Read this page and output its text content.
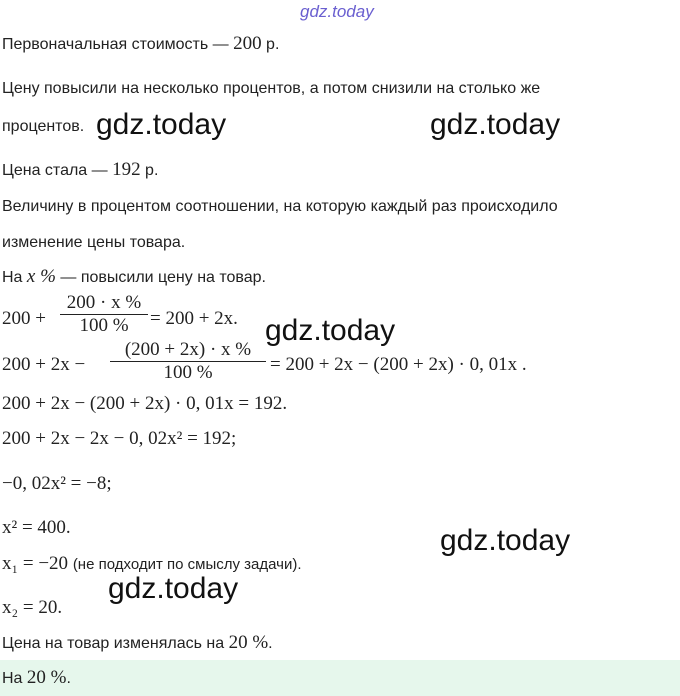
gdz.today
Первоначальная стоимость — 200 р.
Цену повысили на несколько процентов, а потом снизили на столько же
процентов.
Цена стала — 192 р.
Величину в процентом соотношении, на которую каждый раз происходило
изменение цены товара.
На x % — повысили цену на товар.
200 +
200 · x %
100 %	= 200 + 2x.
200 + 2x −
(200 + 2x) · x %
100 %	= 200 + 2x − (200 + 2x) · 0, 01x .
200 + 2x − (200 + 2x) · 0, 01x = 192.
200 + 2x − 2x − 0, 02x² = 192;
−0, 02x² = −8;
x² = 400.
x₁ = −20 (не подходит по смыслу задачи).
x₂ = 20.
Цена на товар изменялась на 20 %.
На 20 %.
gdz.today	gdz.today
gdz.today
gdz.today
gdz.today
